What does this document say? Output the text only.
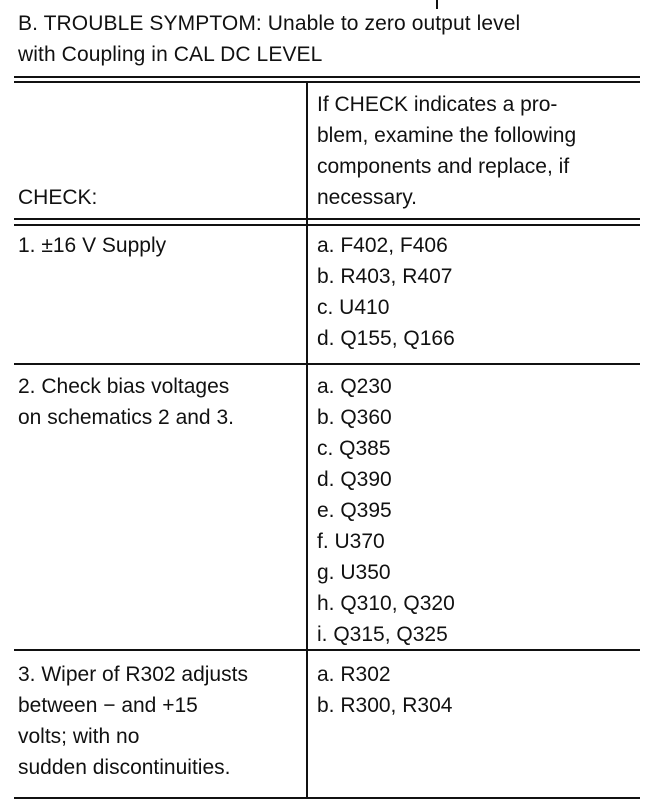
B. TROUBLE SYMPTOM: Unable to zero output level
with Coupling in CAL DC LEVEL
CHECK:
If CHECK indicates a pro-
blem, examine the following
components and replace, if
necessary.
1. ±16 V Supply	a. F402, F406
b. R403, R407
c. U410
d. Q155, Q166
2. Check bias voltages
on schematics 2 and 3.
a. Q230
b. Q360
c. Q385
d. Q390
e. Q395
f. U370
g. U350
h. Q310, Q320
i. Q315, Q325
3. Wiper of R302 adjusts
between − and +15
volts; with no
sudden discontinuities.
a. R302
b. R300, R304
